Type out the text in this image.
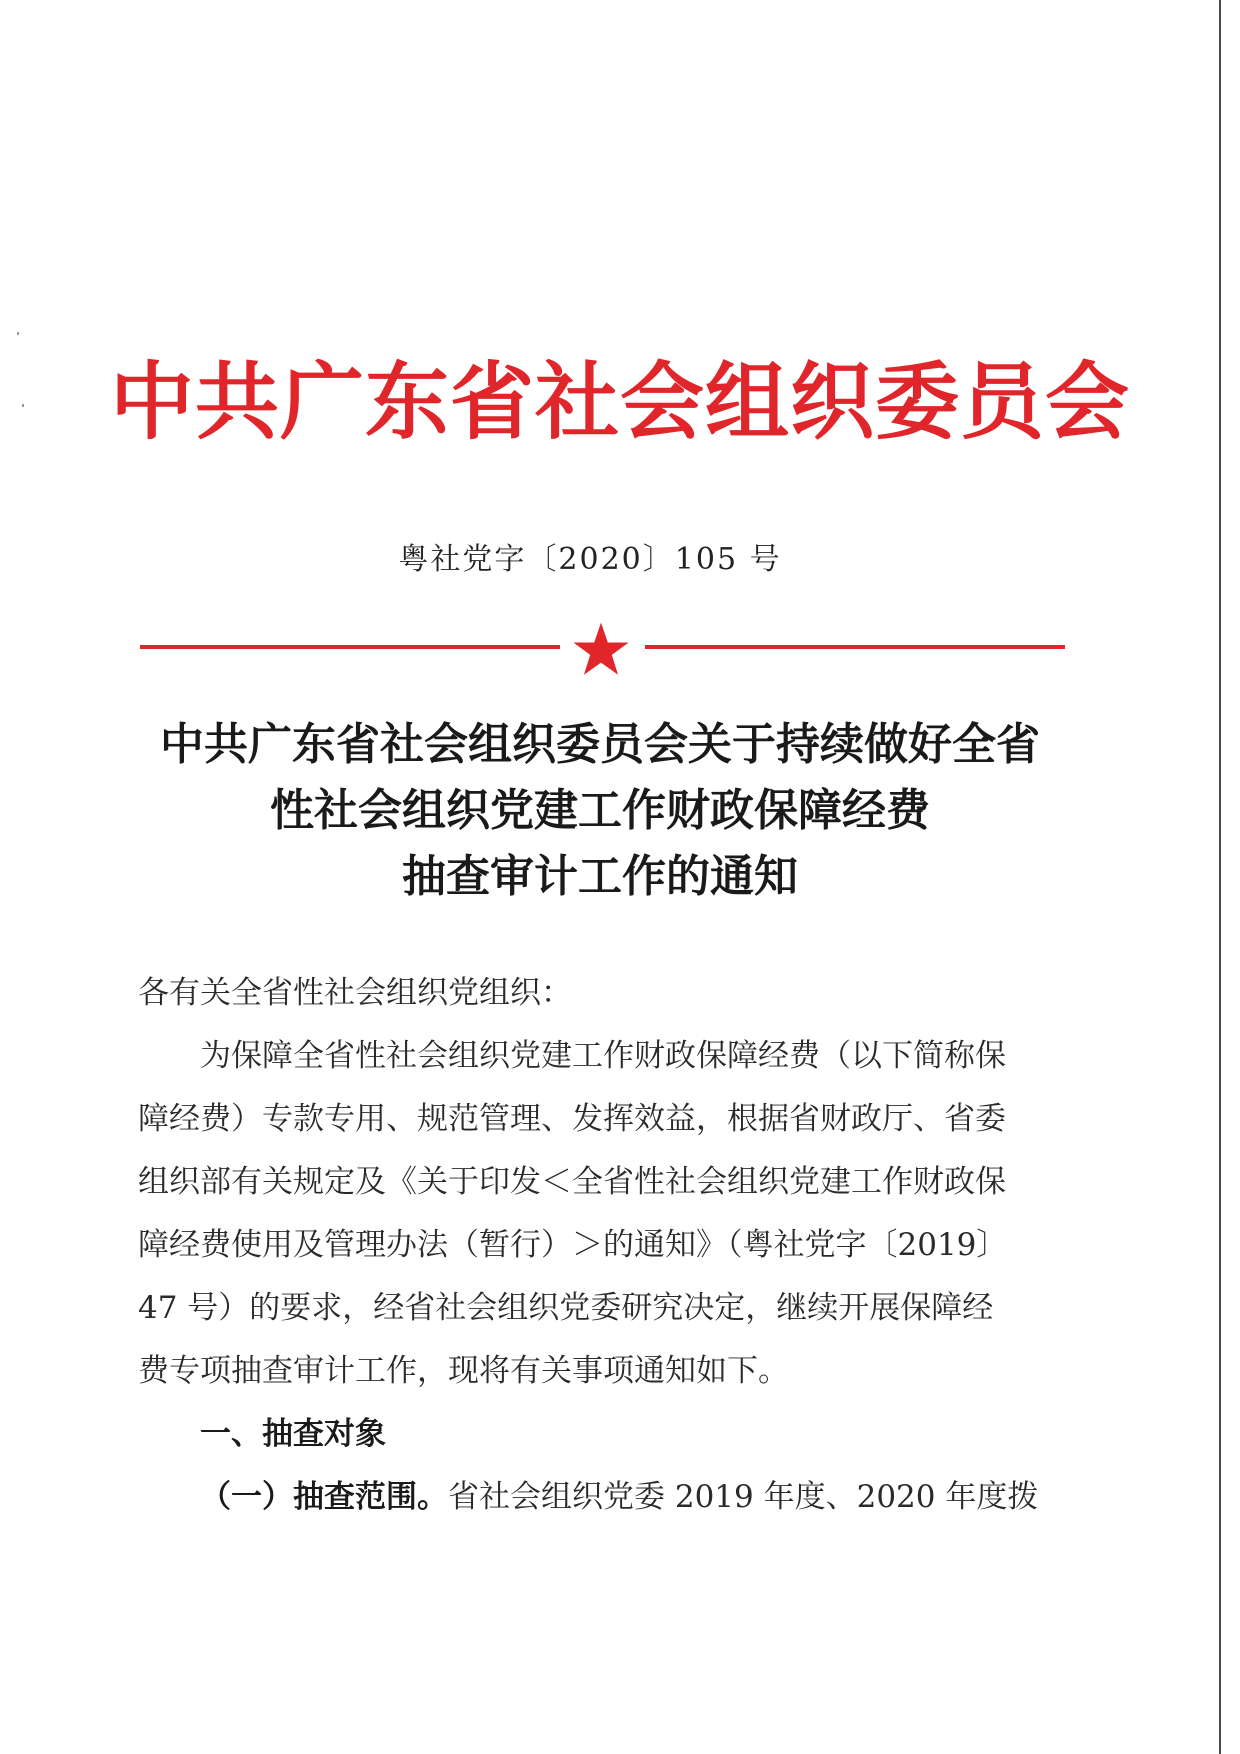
中共广东省社会组织委员会
粤社党字〔2020〕105 号
中共广东省社会组织委员会关于持续做好全省
性社会组织党建工作财政保障经费
抽查审计工作的通知
各有关全省性社会组织党组织：
　　为保障全省性社会组织党建工作财政保障经费（以下简称保
障经费）专款专用、规范管理、发挥效益，根据省财政厅、省委
组织部有关规定及《关于印发＜全省性社会组织党建工作财政保
障经费使用及管理办法（暂行）＞的通知》（粤社党字〔2019〕
47 号）的要求，经省社会组织党委研究决定，继续开展保障经
费专项抽查审计工作，现将有关事项通知如下。
一、抽查对象
（一）抽查范围。省社会组织党委 2019 年度、2020 年度拨
